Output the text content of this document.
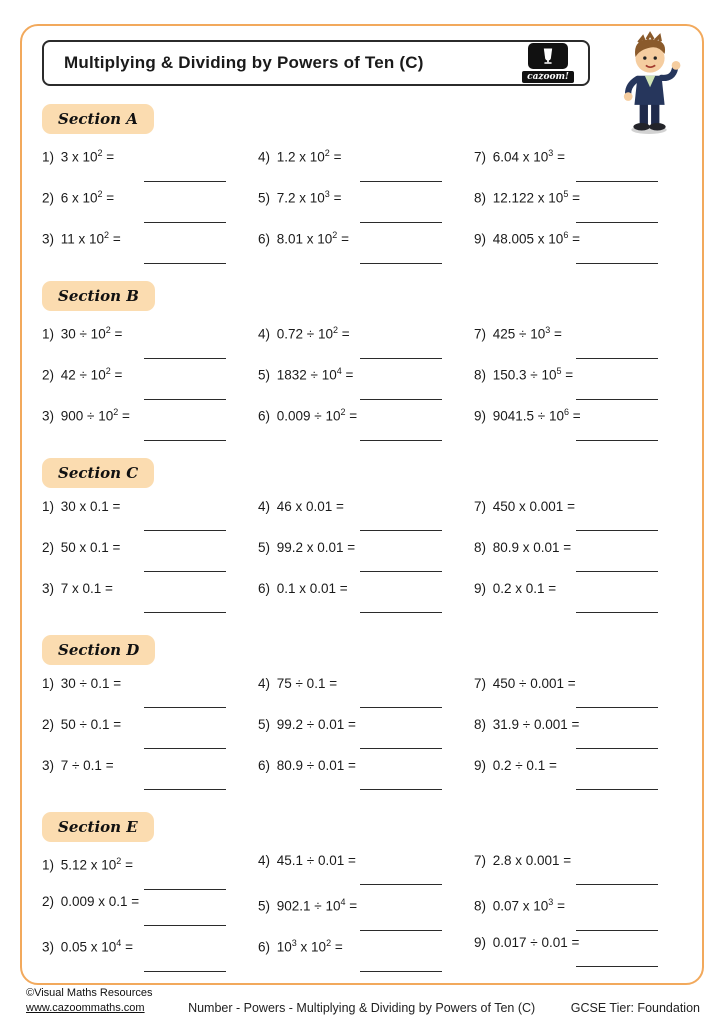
Multiplying & Dividing by Powers of Ten (C)
cazoom!
Section A
1) 3 x $10^2$ =
2) 6 x $10^2$ =
3) 11 x $10^2$ =
4) 1.2 x $10^2$ =
5) 7.2 x $10^3$ =
6) 8.01 x $10^2$ =
7) 6.04 x $10^3$ =
8) 12.122 x $10^5$ =
9) 48.005 x $10^6$ =
Section B
1) $30 \div 10^2$ =
2) $42 \div 10^2$ =
3) $900 \div 10^2$ =
4) $0.72 \div 10^2$ =
5) $1832 \div 10^4$ =
6) $0.009 \div 10^2$ =
7) $425 \div 10^3$ =
8) $150.3 \div 10^5$ =
9) $9041.5 \div 10^6$ =
Section C
1) 30 x 0.1 =
2) 50 x 0.1 =
3) 7 x 0.1 =
4) 46 x 0.01 =
5) 99.2 x 0.01 =
6) 0.1 x 0.01 =
7) 450 x 0.001 =
8) 80.9 x 0.01 =
9) 0.2 x 0.1 =
Section D
1) 30 ÷ 0.1 =
2) 50 ÷ 0.1 =
3) 7 ÷ 0.1 =
4) 75 ÷ 0.1 =
5) 99.2 ÷ 0.01 =
6) 80.9 ÷ 0.01 =
7) 450 ÷ 0.001 =
8) 31.9 ÷ 0.001 =
9) 0.2 ÷ 0.1 =
Section E
1) 5.12 x $10^2$ =
2) 0.009 x 0.1 =
3) 0.05 x $10^4$ =
4) 45.1 ÷ 0.01 =
5) $902.1 \div 10^4$ =
6) $10^3$ x $10^2$ =
7) 2.8 x 0.001 =
8) 0.07 x $10^3$ =
9) 0.017 ÷ 0.01 =
©Visual Maths Resources
www.cazoommaths.com	Number - Powers - Multiplying & Dividing by Powers of Ten (C)	GCSE Tier: Foundation
